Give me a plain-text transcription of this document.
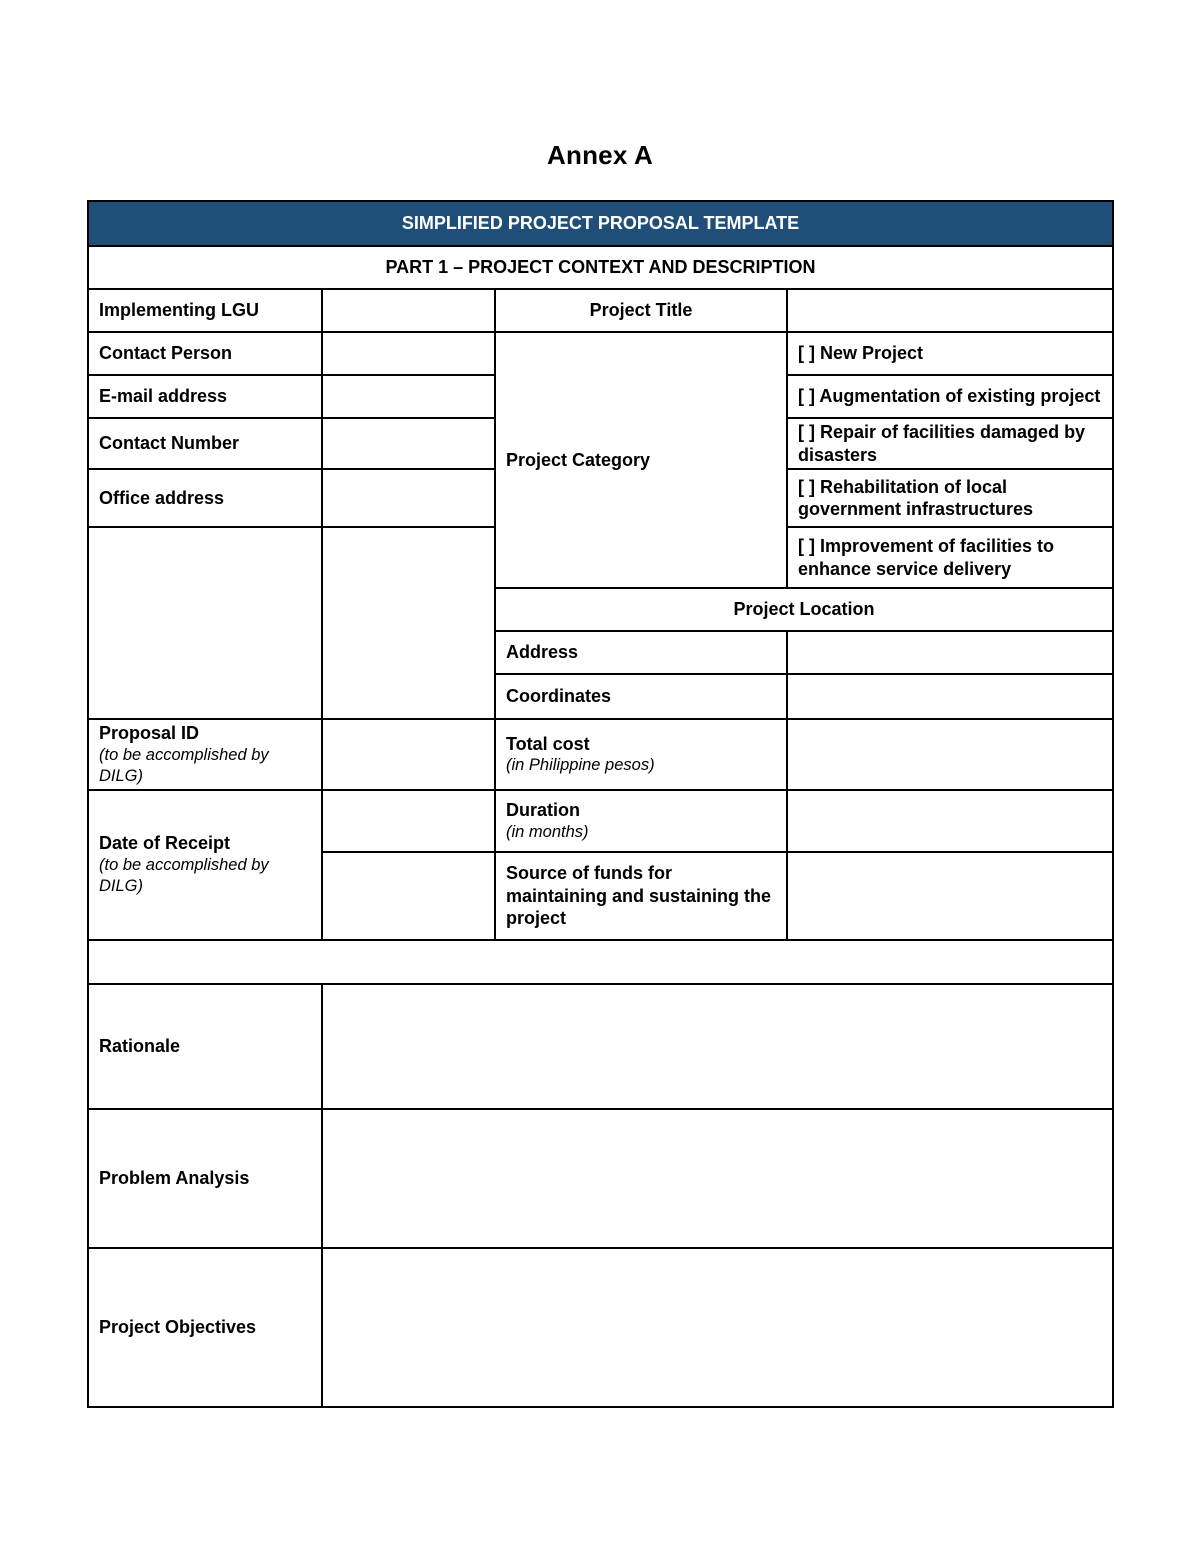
Annex A
SIMPLIFIED PROJECT PROPOSAL TEMPLATE
PART 1 – PROJECT CONTEXT AND DESCRIPTION
Implementing LGU
Contact Person
E-mail address
Contact Number
Office address
Proposal ID
(to be accomplished by DILG)
Date of Receipt
(to be accomplished by DILG)
Project Title
Project Category
Project Location
Address
Coordinates
Total cost
(in Philippine pesos)
Duration
(in months)
Source of funds for maintaining and sustaining the project
[ ] New Project
[ ] Augmentation of existing project
[ ] Repair of facilities damaged by disasters
[ ] Rehabilitation of local government infrastructures
[ ] Improvement of facilities to enhance service delivery
Rationale
Problem Analysis
Project Objectives
